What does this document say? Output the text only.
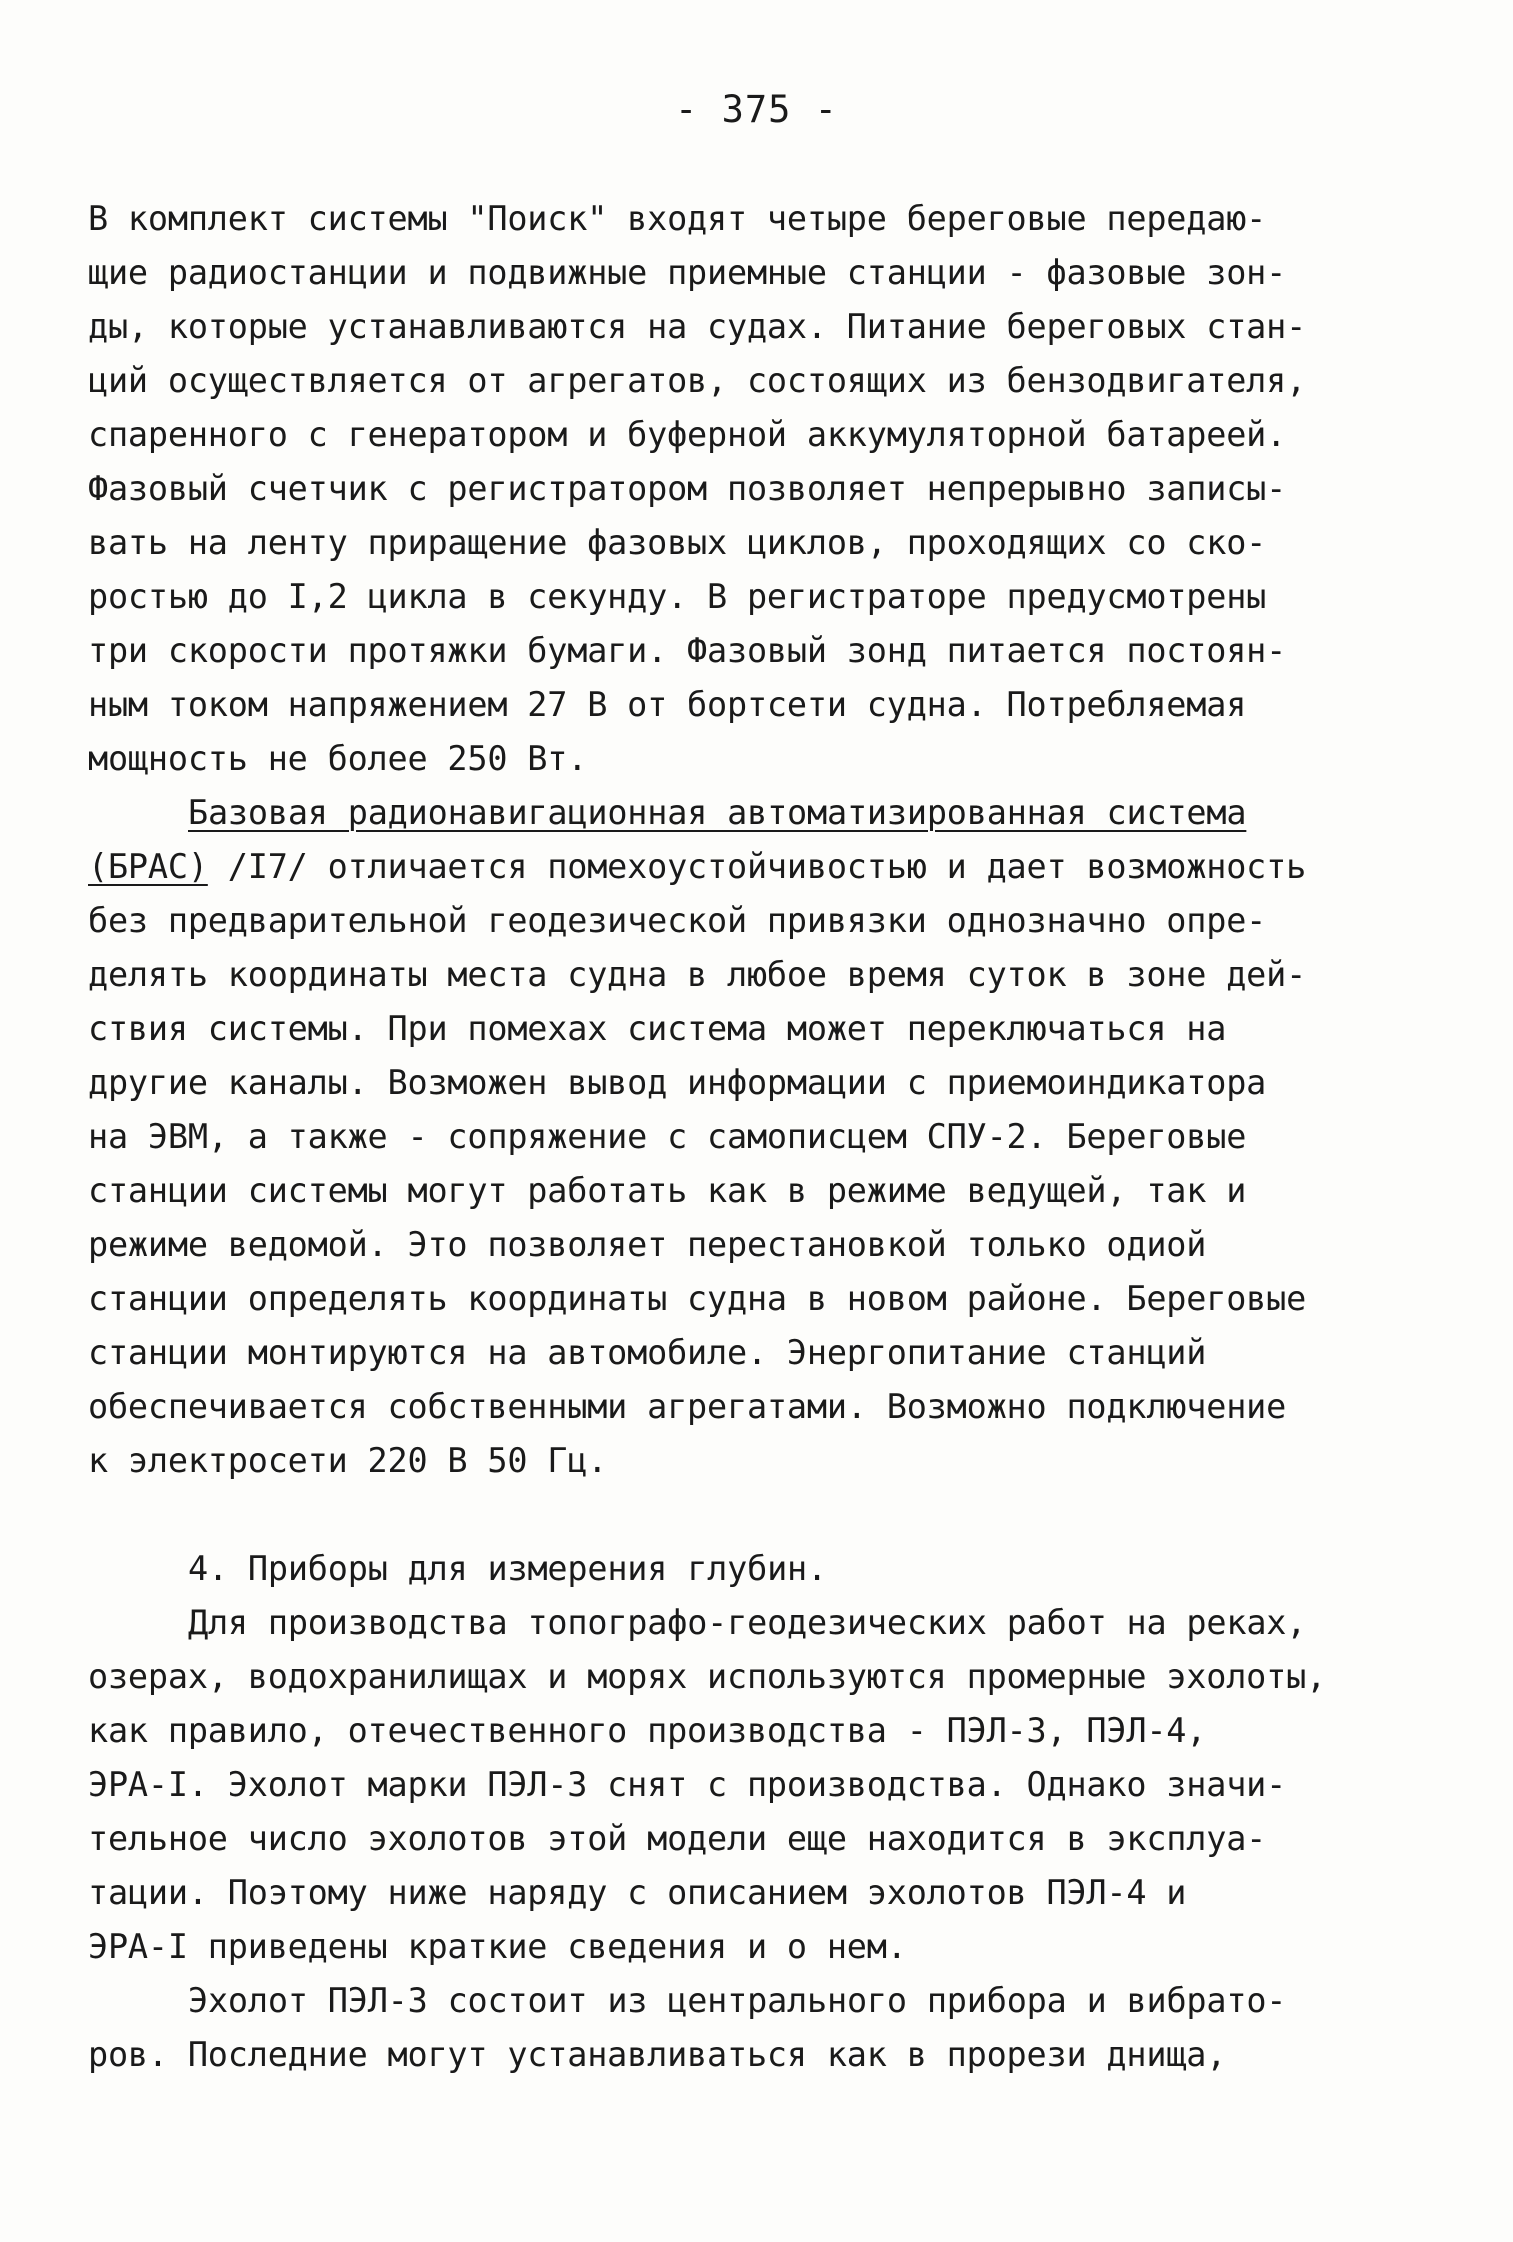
- 375 -
В комплект системы "Поиск" входят четыре береговые передаю-
щие радиостанции и подвижные приемные станции - фазовые зон-
ды, которые устанавливаются на судах. Питание береговых стан-
ций осуществляется от агрегатов, состоящих из бензодвигателя,
спаренного с генератором и буферной аккумуляторной батареей.
Фазовый счетчик с регистратором позволяет непрерывно записы-
вать на ленту приращение фазовых циклов, проходящих со ско-
ростью до I,2 цикла в секунду. В регистраторе предусмотрены
три скорости протяжки бумаги. Фазовый зонд питается постоян-
ным током напряжением 27 В от бортсети судна. Потребляемая
мощность не более 250 Вт.
Базовая радионавигационная автоматизированная система
(БРАС) /I7/ отличается помехоустойчивостью и дает возможность
без предварительной геодезической привязки однозначно опре-
делять координаты места судна в любое время суток в зоне дей-
ствия системы. При помехах система может переключаться на
другие каналы. Возможен вывод информации с приемоиндикатора
на ЭВМ, а также - сопряжение с самописцем СПУ-2. Береговые
станции системы могут работать как в режиме ведущей, так и
режиме ведомой. Это позволяет перестановкой только одиой
станции определять координаты судна в новом районе. Береговые
станции монтируются на автомобиле. Энергопитание станций
обеспечивается собственными агрегатами. Возможно подключение
к электросети 220 В 50 Гц.
4. Приборы для измерения глубин.
Для производства топографо-геодезических работ на реках,
озерах, водохранилищах и морях используются промерные эхолоты,
как правило, отечественного производства - ПЭЛ-3, ПЭЛ-4,
ЭРА-I. Эхолот марки ПЭЛ-3 снят с производства. Однако значи-
тельное число эхолотов этой модели еще находится в эксплуа-
тации. Поэтому ниже наряду с описанием эхолотов ПЭЛ-4 и
ЭРА-I приведены краткие сведения и о нем.
Эхолот ПЭЛ-3 состоит из центрального прибора и вибрато-
ров. Последние могут устанавливаться как в прорези днища,
